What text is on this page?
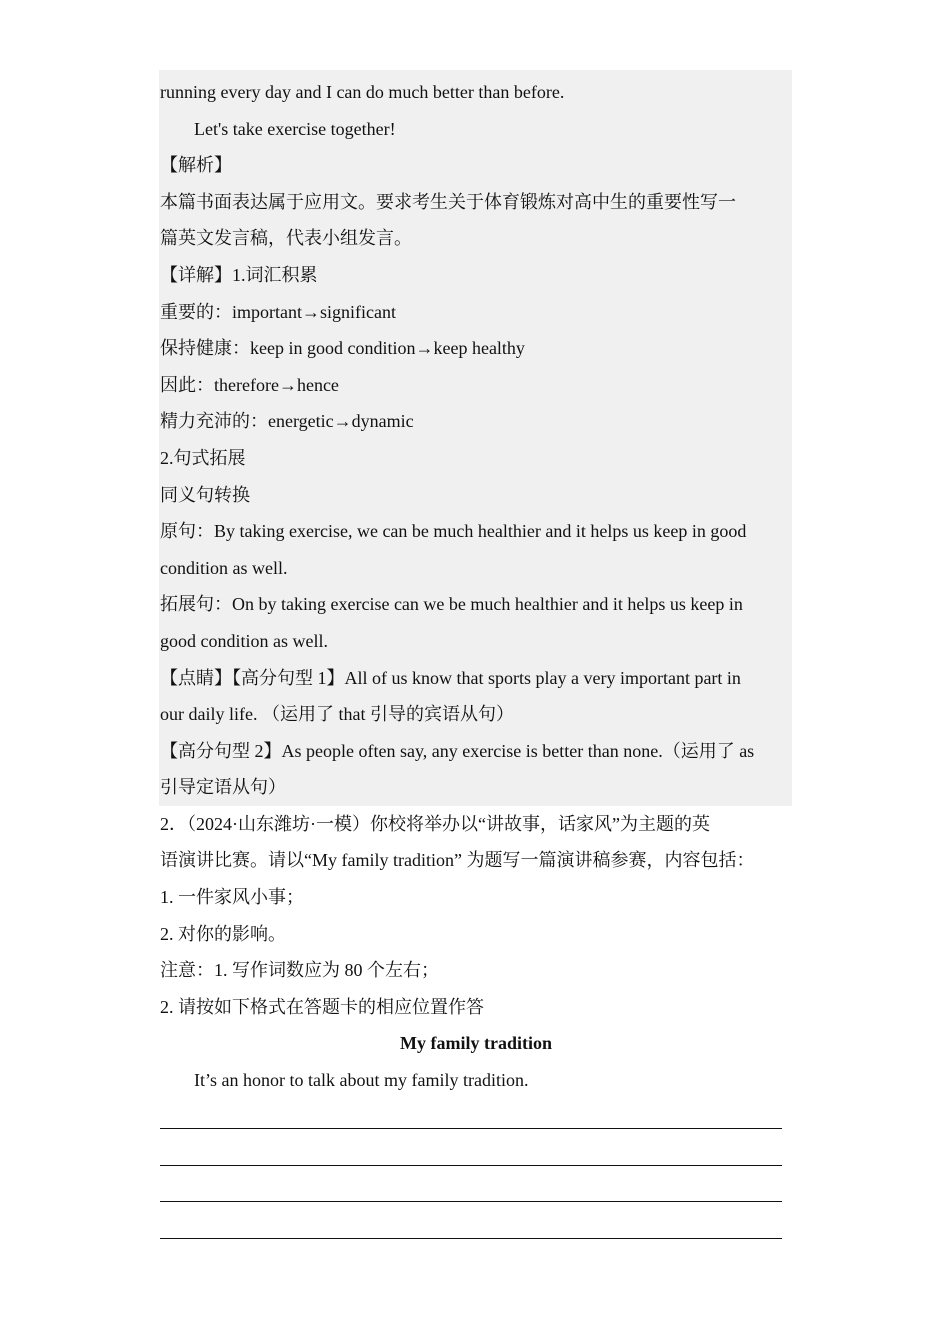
running every day and I can do much better than before.
Let's take exercise together!
【解析】
本篇书面表达属于应用文。要求考生关于体育锻炼对高中生的重要性写一
篇英文发言稿，代表小组发言。
【详解】1.词汇积累
重要的：important→significant
保持健康：keep in good condition→keep healthy
因此：therefore→hence
精力充沛的：energetic→dynamic
2.句式拓展
同义句转换
原句：By taking exercise, we can be much healthier and it helps us keep in good
condition as well.
拓展句：On by taking exercise can we be much healthier and it helps us keep in
good condition as well.
【点睛】【高分句型 1】All of us know that sports play a very important part in
our daily life. （运用了 that 引导的宾语从句）
【高分句型 2】As people often say, any exercise is better than none.（运用了 as
引导定语从句）
2．（2024·山东潍坊·一模）你校将举办以“讲故事，话家风”为主题的英
语演讲比赛。请以“My family tradition” 为题写一篇演讲稿参赛，内容包括：
1. 一件家风小事；
2. 对你的影响。
注意：1. 写作词数应为 80 个左右；
2. 请按如下格式在答题卡的相应位置作答
My family tradition
It’s an honor to talk about my family tradition.
